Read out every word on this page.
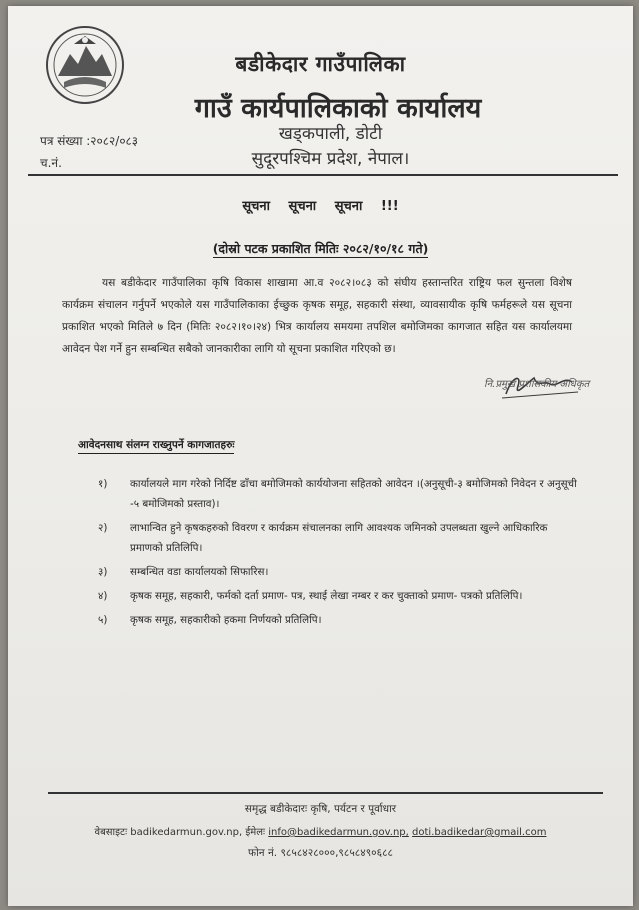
बडीकेदार गाउँपालिका
गाउँ कार्यपालिकाको कार्यालय
खड्कपाली, डोटी
सुदूरपश्चिम प्रदेश, नेपाल।
पत्र संख्या :२०८२/०८३
च.नं.
सूचना सूचना सूचना !!!
(दोस्रो पटक प्रकाशित मितिः २०८२/१०/१८ गते)
यस बडीकेदार गाउँपालिका कृषि विकास शाखामा आ.व २०८२।०८३ को संघीय हस्तान्तरित राष्ट्रिय फल सुन्तला विशेष कार्यक्रम संचालन गर्नुपर्ने भएकोले यस गाउँपालिकाका ईच्छुक कृषक समूह, सहकारी संस्था, व्यावसायीक कृषि फर्महरूले यस सूचना प्रकाशित भएको मितिले ७ दिन (मितिः २०८२।१०।२४) भित्र कार्यालय समयमा तपशिल बमोजिमका कागजात सहित यस कार्यालयमा आवेदन पेश गर्ने हुन सम्बन्धित सबैको जानकारीका लागि यो सूचना प्रकाशित गरिएको छ।
नि.प्रमुख प्रशासकीय अधिकृत
आवेदनसाथ संलग्न राख्नुपर्ने कागजातहरुः
१)	कार्यालयले माग गरेको निर्दिष्ट ढाँचा बमोजिमको कार्ययोजना सहितको आवेदन ।(अनुसूची-३ बमोजिमको निवेदन र अनुसूची -५ बमोजिमको प्रस्ताव)।
२)	लाभान्वित हुने कृषकहरुको विवरण र कार्यक्रम संचालनका लागि आवश्यक जमिनको उपलब्धता खुल्ने आधिकारिक प्रमाणको प्रतिलिपि।
३)	सम्बन्धित वडा कार्यालयको सिफारिस।
४)	कृषक समूह, सहकारी, फर्मको दर्ता प्रमाण- पत्र, स्थाई लेखा नम्बर र कर चुक्ताको प्रमाण- पत्रको प्रतिलिपि।
५)	कृषक समूह, सहकारीको हकमा निर्णयको प्रतिलिपि।
समृद्ध बडीकेदारः कृषि, पर्यटन र पूर्वाधार
वेबसाइटः badikedarmun.gov.np, ईमेलः info@badikedarmun.gov.np, doti.badikedar@gmail.com
फोन नं. ९८५८४२८०००,९८५८४९०६८८
